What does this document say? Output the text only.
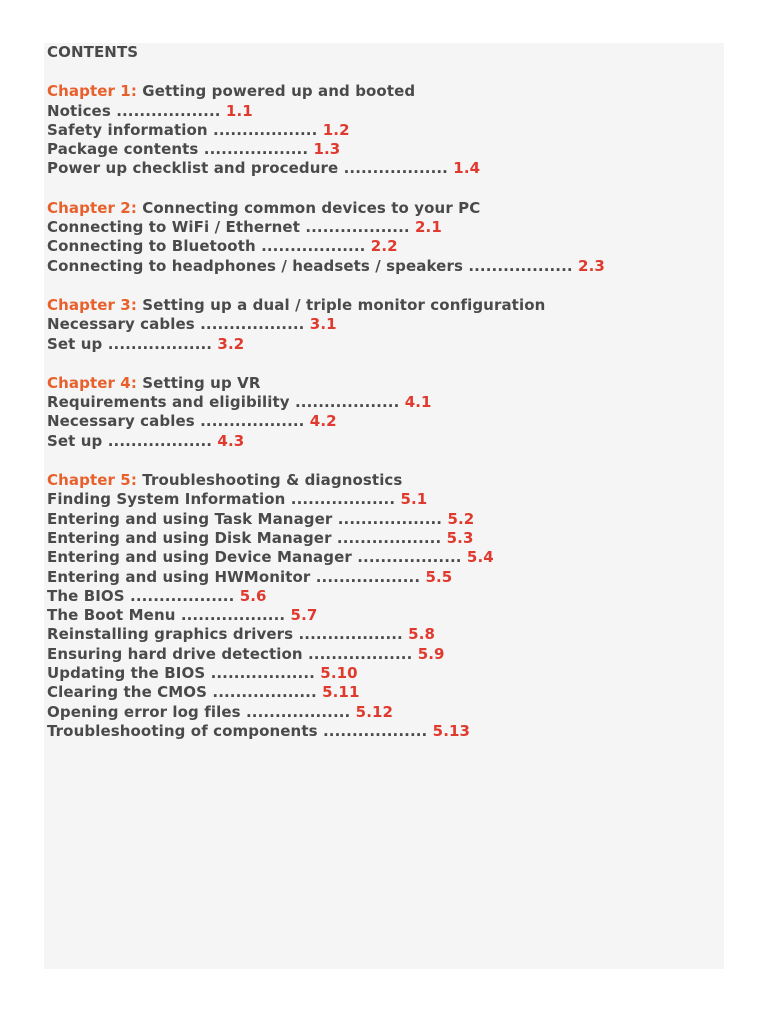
CONTENTS
Chapter 1: Getting powered up and booted
Notices .................. 1.1
Safety information .................. 1.2
Package contents .................. 1.3
Power up checklist and procedure .................. 1.4
Chapter 2: Connecting common devices to your PC
Connecting to WiFi / Ethernet .................. 2.1
Connecting to Bluetooth .................. 2.2
Connecting to headphones / headsets / speakers .................. 2.3
Chapter 3: Setting up a dual / triple monitor configuration
Necessary cables .................. 3.1
Set up .................. 3.2
Chapter 4: Setting up VR
Requirements and eligibility .................. 4.1
Necessary cables .................. 4.2
Set up .................. 4.3
Chapter 5: Troubleshooting & diagnostics
Finding System Information .................. 5.1
Entering and using Task Manager .................. 5.2
Entering and using Disk Manager .................. 5.3
Entering and using Device Manager .................. 5.4
Entering and using HWMonitor .................. 5.5
The BIOS .................. 5.6
The Boot Menu .................. 5.7
Reinstalling graphics drivers .................. 5.8
Ensuring hard drive detection .................. 5.9
Updating the BIOS .................. 5.10
Clearing the CMOS .................. 5.11
Opening error log files .................. 5.12
Troubleshooting of components .................. 5.13
